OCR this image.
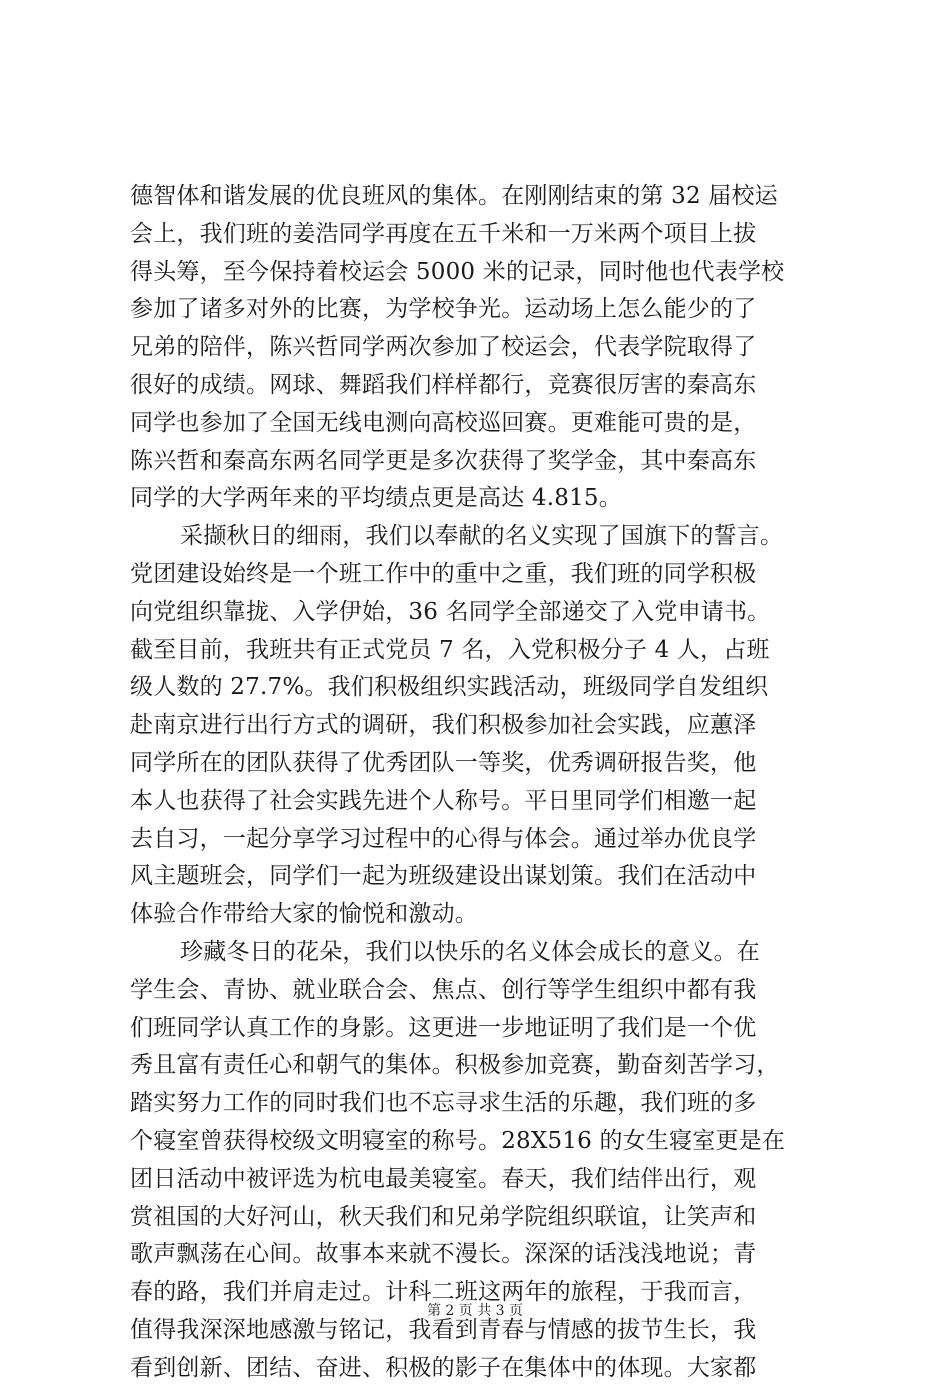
德智体和谐发展的优良班风的集体。在刚刚结束的第 32 届校运
会上，我们班的姜浩同学再度在五千米和一万米两个项目上拔
得头筹，至今保持着校运会 5000 米的记录，同时他也代表学校
参加了诸多对外的比赛，为学校争光。运动场上怎么能少的了
兄弟的陪伴，陈兴哲同学两次参加了校运会，代表学院取得了
很好的成绩。网球、舞蹈我们样样都行，竞赛很厉害的秦高东
同学也参加了全国无线电测向高校巡回赛。更难能可贵的是，
陈兴哲和秦高东两名同学更是多次获得了奖学金，其中秦高东
同学的大学两年来的平均绩点更是高达 4.815。
采撷秋日的细雨，我们以奉献的名义实现了国旗下的誓言。
党团建设始终是一个班工作中的重中之重，我们班的同学积极
向党组织靠拢、入学伊始，36 名同学全部递交了入党申请书。
截至目前，我班共有正式党员 7 名，入党积极分子 4 人，占班
级人数的 27.7%。我们积极组织实践活动，班级同学自发组织
赴南京进行出行方式的调研，我们积极参加社会实践，应蕙泽
同学所在的团队获得了优秀团队一等奖，优秀调研报告奖，他
本人也获得了社会实践先进个人称号。平日里同学们相邀一起
去自习，一起分享学习过程中的心得与体会。通过举办优良学
风主题班会，同学们一起为班级建设出谋划策。我们在活动中
体验合作带给大家的愉悦和激动。
珍藏冬日的花朵，我们以快乐的名义体会成长的意义。在
学生会、青协、就业联合会、焦点、创行等学生组织中都有我
们班同学认真工作的身影。这更进一步地证明了我们是一个优
秀且富有责任心和朝气的集体。积极参加竞赛，勤奋刻苦学习，
踏实努力工作的同时我们也不忘寻求生活的乐趣，我们班的多
个寝室曾获得校级文明寝室的称号。28X516 的女生寝室更是在
团日活动中被评选为杭电最美寝室。春天，我们结伴出行，观
赏祖国的大好河山，秋天我们和兄弟学院组织联谊，让笑声和
歌声飘荡在心间。故事本来就不漫长。深深的话浅浅地说；青
春的路，我们并肩走过。计科二班这两年的旅程，于我而言，
值得我深深地感激与铭记，我看到青春与情感的拔节生长，我
看到创新、团结、奋进、积极的影子在集体中的体现。大家都
第 2 页 共 3 页
